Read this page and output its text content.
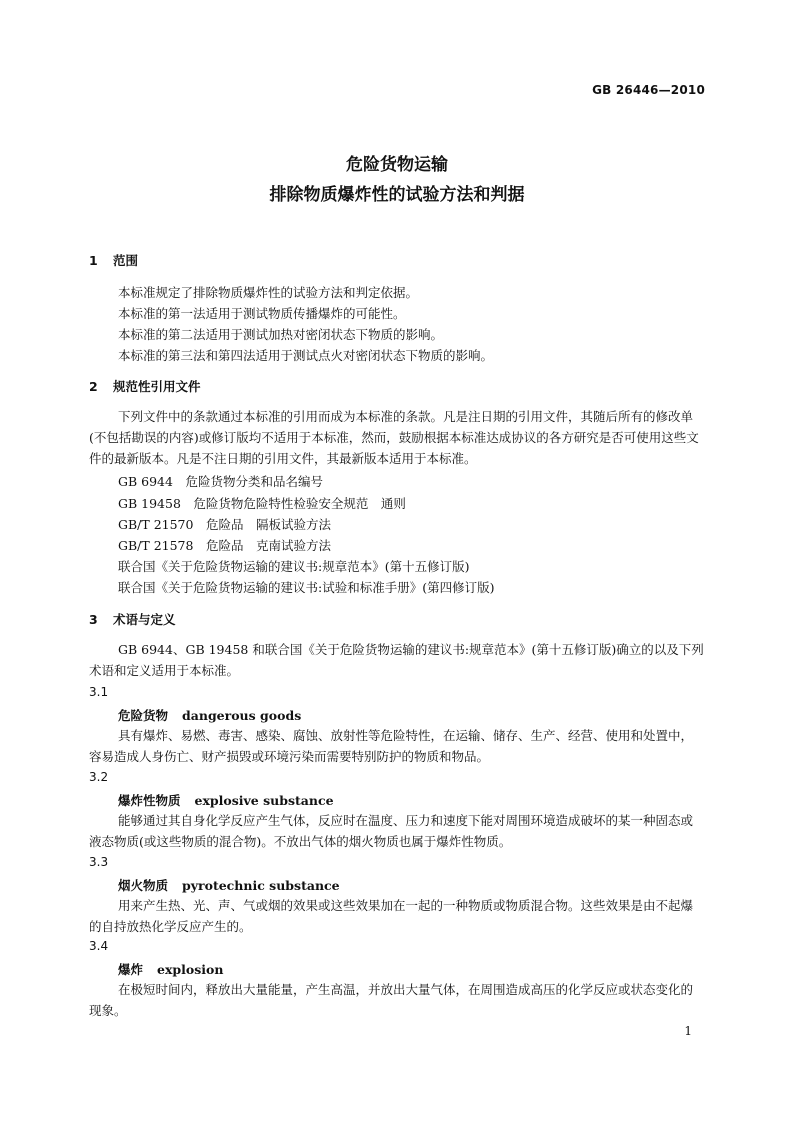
GB 26446—2010
危险货物运输
排除物质爆炸性的试验方法和判据
1 范围
本标准规定了排除物质爆炸性的试验方法和判定依据。
本标准的第一法适用于测试物质传播爆炸的可能性。
本标准的第二法适用于测试加热对密闭状态下物质的影响。
本标准的第三法和第四法适用于测试点火对密闭状态下物质的影响。
2 规范性引用文件
下列文件中的条款通过本标准的引用而成为本标准的条款。凡是注日期的引用文件，其随后所有的修改单(不包括勘误的内容)或修订版均不适用于本标准，然而，鼓励根据本标准达成协议的各方研究是否可使用这些文件的最新版本。凡是不注日期的引用文件，其最新版本适用于本标准。
GB 6944　危险货物分类和品名编号
GB 19458　危险货物危险特性检验安全规范　通则
GB/T 21570　危险品　隔板试验方法
GB/T 21578　危险品　克南试验方法
联合国《关于危险货物运输的建议书:规章范本》(第十五修订版)
联合国《关于危险货物运输的建议书:试验和标准手册》(第四修订版)
3 术语与定义
GB 6944、GB 19458 和联合国《关于危险货物运输的建议书:规章范本》(第十五修订版)确立的以及下列术语和定义适用于本标准。
3.1
危险货物 dangerous goods
具有爆炸、易燃、毒害、感染、腐蚀、放射性等危险特性，在运输、储存、生产、经营、使用和处置中，容易造成人身伤亡、财产损毁或环境污染而需要特别防护的物质和物品。
3.2
爆炸性物质 explosive substance
能够通过其自身化学反应产生气体，反应时在温度、压力和速度下能对周围环境造成破坏的某一种固态或液态物质(或这些物质的混合物)。不放出气体的烟火物质也属于爆炸性物质。
3.3
烟火物质 pyrotechnic substance
用来产生热、光、声、气或烟的效果或这些效果加在一起的一种物质或物质混合物。这些效果是由不起爆的自持放热化学反应产生的。
3.4
爆炸 explosion
在极短时间内，释放出大量能量，产生高温，并放出大量气体，在周围造成高压的化学反应或状态变化的现象。
1
